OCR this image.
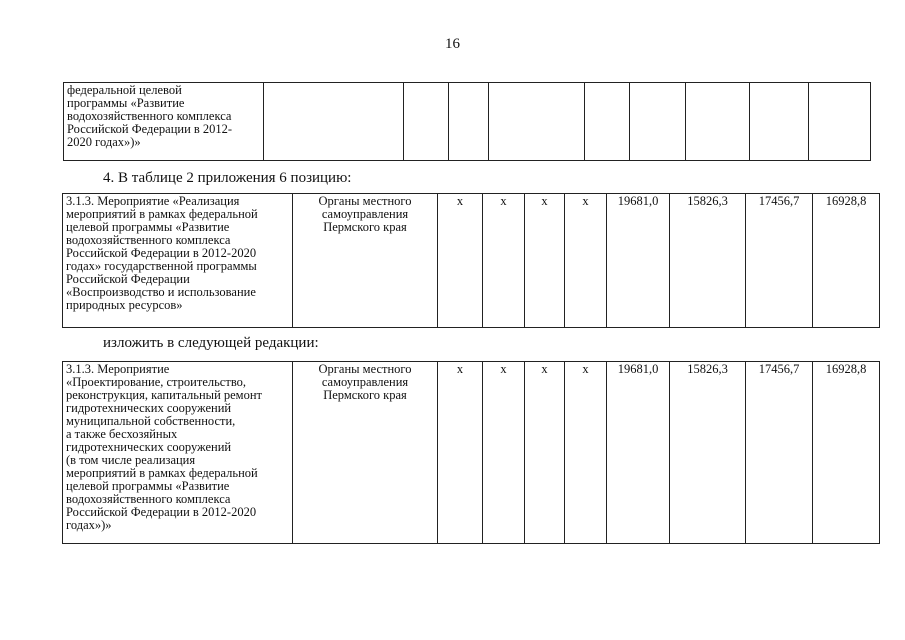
16
федеральной целевой
программы «Развитие
водохозяйственного комплекса
Российской Федерации в 2012-
2020 годах»)»

4. В таблице 2 приложения 6 позицию:
3.1.3. Мероприятие «Реализация
мероприятий в рамках федеральной
целевой программы «Развитие
водохозяйственного комплекса
Российской Федерации в 2012-2020
годах» государственной программы
Российской Федерации
«Воспроизводство и использование
природных ресурсов»

Органы местного
самоуправления
Пермского края
	х	х	х	х	19681,0	15826,3	17456,7	16928,8
изложить в следующей редакции:
3.1.3. Мероприятие
«Проектирование, строительство,
реконструкция, капитальный ремонт
гидротехнических сооружений
муниципальной собственности,
а также бесхозяйных
гидротехнических сооружений
(в том числе реализация
мероприятий в рамках федеральной
целевой программы «Развитие
водохозяйственного комплекса
Российской Федерации в 2012-2020
годах»)»

Органы местного
самоуправления
Пермского края
	х	х	х	х	19681,0	15826,3	17456,7	16928,8
